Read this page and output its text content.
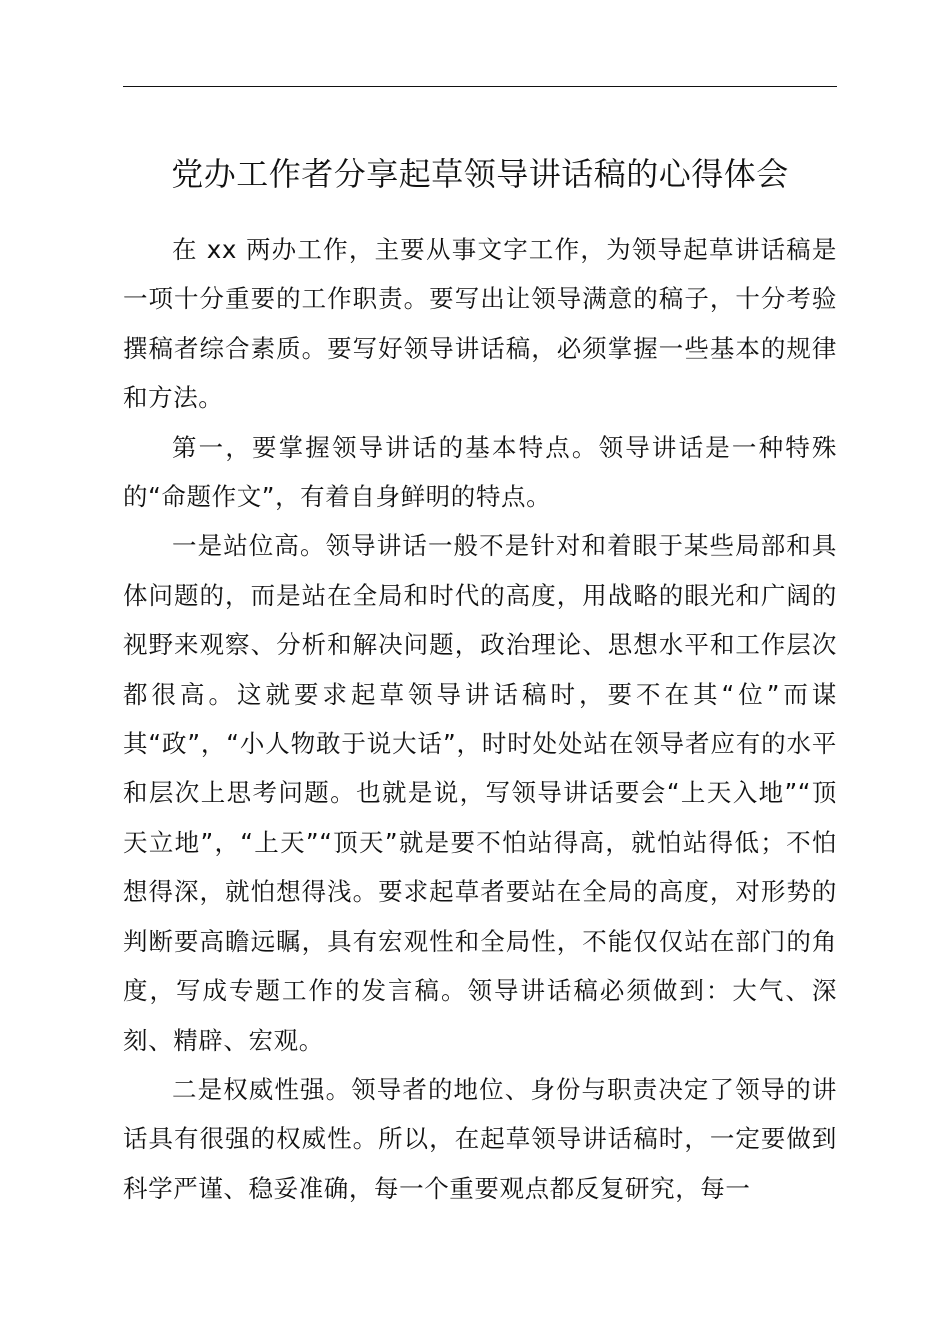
党办工作者分享起草领导讲话稿的心得体会

在 xx 两办工作，主要从事文字工作，为领导起草讲话稿是一项十分重要的工作职责。要写出让领导满意的稿子，十分考验撰稿者综合素质。要写好领导讲话稿，必须掌握一些基本的规律和方法。

第一，要掌握领导讲话的基本特点。领导讲话是一种特殊的“命题作文”，有着自身鲜明的特点。

一是站位高。领导讲话一般不是针对和着眼于某些局部和具体问题的，而是站在全局和时代的高度，用战略的眼光和广阔的视野来观察、分析和解决问题，政治理论、思想水平和工作层次都很高。这就要求起草领导讲话稿时，要不在其“位”而谋其“政”，“小人物敢于说大话”，时时处处站在领导者应有的水平和层次上思考问题。也就是说，写领导讲话要会“上天入地”“顶天立地”，“上天”“顶天”就是要不怕站得高，就怕站得低；不怕想得深，就怕想得浅。要求起草者要站在全局的高度，对形势的判断要高瞻远瞩，具有宏观性和全局性，不能仅仅站在部门的角度，写成专题工作的发言稿。领导讲话稿必须做到：大气、深刻、精辟、宏观。

二是权威性强。领导者的地位、身份与职责决定了领导的讲话具有很强的权威性。所以，在起草领导讲话稿时，一定要做到科学严谨、稳妥准确，每一个重要观点都反复研究，每一
